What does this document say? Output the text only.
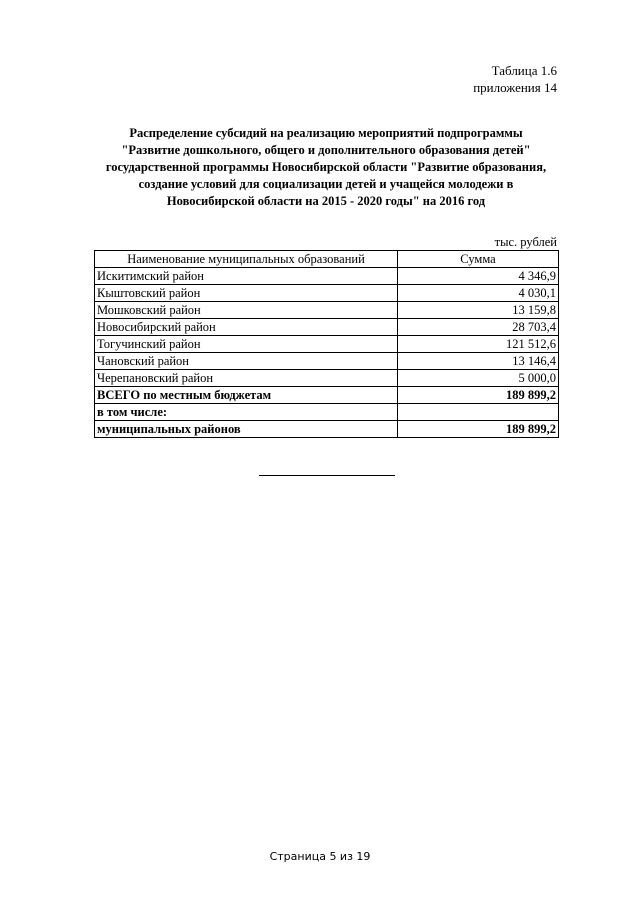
Таблица 1.6
приложения 14
Распределение субсидий на реализацию мероприятий подпрограммы
"Развитие дошкольного, общего и дополнительного образования детей"
государственной программы Новосибирской области "Развитие образования,
создание условий для социализации детей и учащейся молодежи в
Новосибирской области на 2015 - 2020 годы" на 2016 год
тыс. рублей
Наименование муниципальных образований	Сумма
Искитимский район	4 346,9
Кыштовский район	4 030,1
Мошковский район	13 159,8
Новосибирский район	28 703,4
Тогучинский район	121 512,6
Чановский район	13 146,4
Черепановский район	5 000,0
ВСЕГО по местным бюджетам	189 899,2
в том числе:	
муниципальных районов	189 899,2
Страница 5 из 19
